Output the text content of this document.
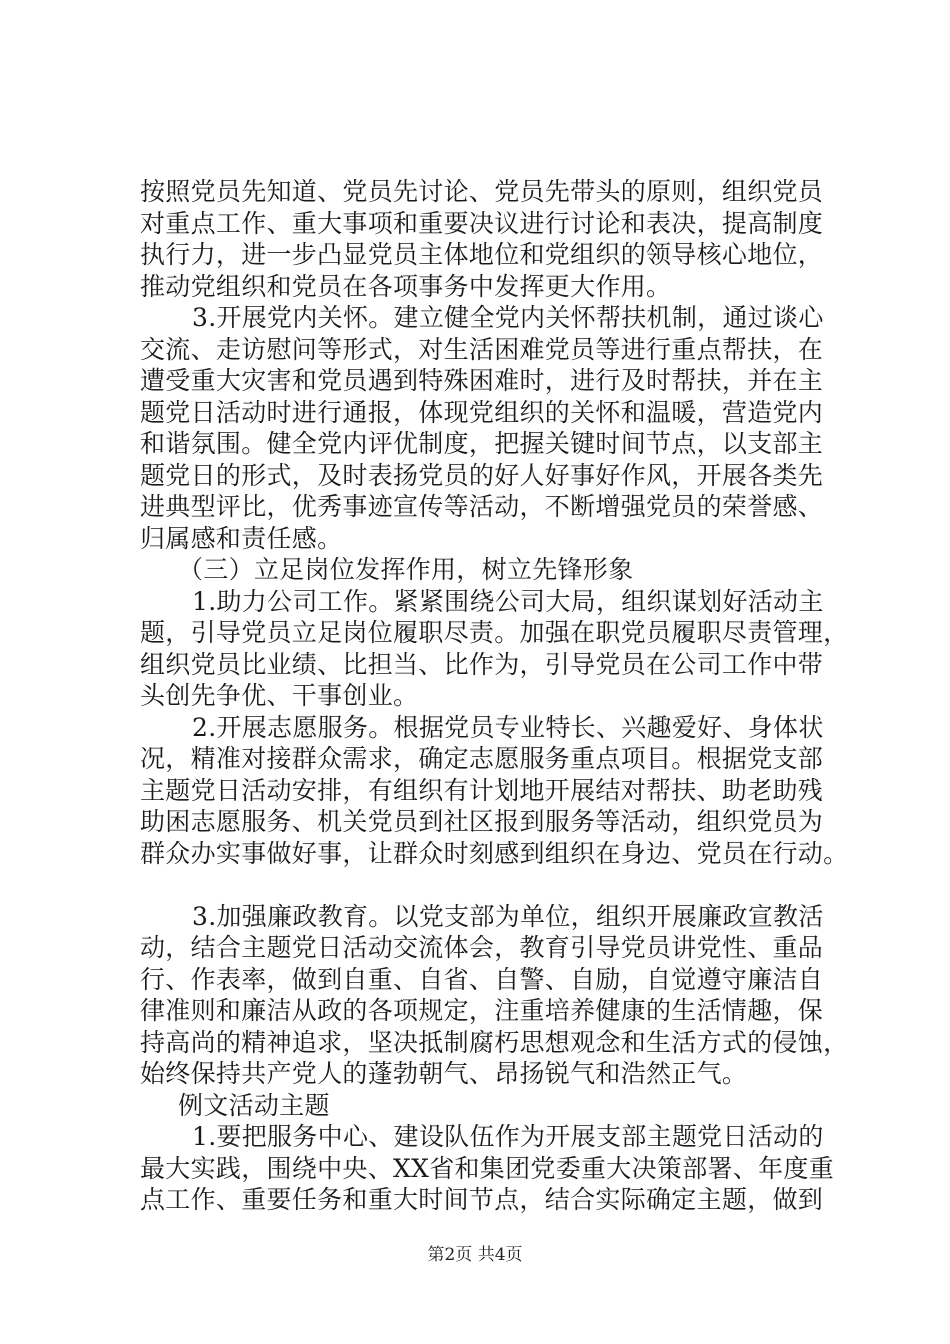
按照党员先知道、党员先讨论、党员先带头的原则，组织党员
对重点工作、重大事项和重要决议进行讨论和表决，提高制度
执行力，进一步凸显党员主体地位和党组织的领导核心地位，
推动党组织和党员在各项事务中发挥更大作用。
3.开展党内关怀。建立健全党内关怀帮扶机制，通过谈心
交流、走访慰问等形式，对生活困难党员等进行重点帮扶，在
遭受重大灾害和党员遇到特殊困难时，进行及时帮扶，并在主
题党日活动时进行通报，体现党组织的关怀和温暖，营造党内
和谐氛围。健全党内评优制度，把握关键时间节点，以支部主
题党日的形式，及时表扬党员的好人好事好作风，开展各类先
进典型评比，优秀事迹宣传等活动，不断增强党员的荣誉感、
归属感和责任感。
（三）立足岗位发挥作用，树立先锋形象
1.助力公司工作。紧紧围绕公司大局，组织谋划好活动主
题，引导党员立足岗位履职尽责。加强在职党员履职尽责管理，
组织党员比业绩、比担当、比作为，引导党员在公司工作中带
头创先争优、干事创业。
2.开展志愿服务。根据党员专业特长、兴趣爱好、身体状
况，精准对接群众需求，确定志愿服务重点项目。根据党支部
主题党日活动安排，有组织有计划地开展结对帮扶、助老助残
助困志愿服务、机关党员到社区报到服务等活动，组织党员为
群众办实事做好事，让群众时刻感到组织在身边、党员在行动。
3.加强廉政教育。以党支部为单位，组织开展廉政宣教活
动，结合主题党日活动交流体会，教育引导党员讲党性、重品
行、作表率，做到自重、自省、自警、自励，自觉遵守廉洁自
律准则和廉洁从政的各项规定，注重培养健康的生活情趣，保
持高尚的精神追求，坚决抵制腐朽思想观念和生活方式的侵蚀，
始终保持共产党人的蓬勃朝气、昂扬锐气和浩然正气。
例文活动主题
1.要把服务中心、建设队伍作为开展支部主题党日活动的
最大实践，围绕中央、XX省和集团党委重大决策部署、年度重
点工作、重要任务和重大时间节点，结合实际确定主题，做到
第2页 共4页
